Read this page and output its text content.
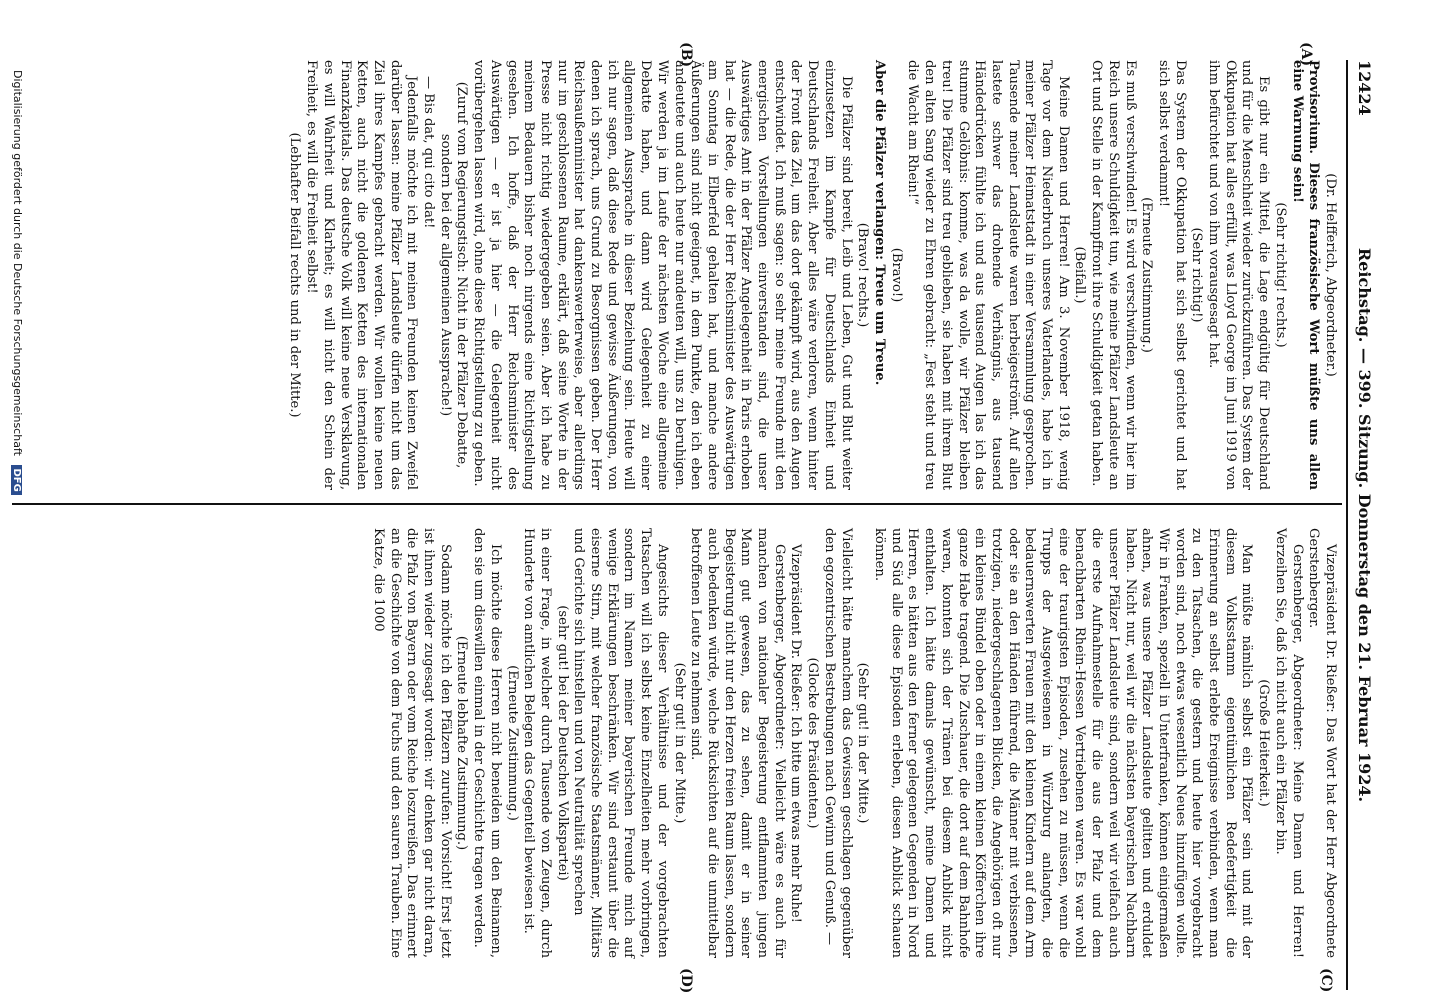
12424
Reichstag. — 399. Sitzung. Donnerstag den 21. Februar 1924.
(A)
(B)
(C)
(D)

(Dr. Helfferich, Abgeordneter.)

Provisorium. Dieses französische Wort müßte uns allen eine Warnung sein!

(Sehr richtig! rechts.)

Es gibt nur ein Mittel, die Lage endgültig für Deutschland und für die Menschheit wieder zurückzuführen. Das System der Okkupation hat alles erfüllt, was Lloyd George im Juni 1919 von ihm befürchtet und von ihm vorausgesagt hat.

(Sehr richtig!)

Das System der Okkupation hat sich selbst gerichtet und hat sich selbst verdammt!

(Erneute Zustimmung.)

Es muß verschwinden! Es wird verschwinden, wenn wir hier im Reich unsere Schuldigkeit tun, wie meine Pfälzer Landsleute an Ort und Stelle in der Kampffront ihre Schuldigkeit getan haben.

(Beifall.)

Meine Damen und Herren! Am 3. November 1918, wenig Tage vor dem Niederbruch unseres Vaterlandes, habe ich in meiner Pfälzer Heimatstadt in einer Versammlung gesprochen. Tausende meiner Landsleute waren herbeigeströmt. Auf allen lastete schwer das drohende Verhängnis, aus tausend Händedrücken fühlte ich und aus tausend Augen las ich das stumme Gelöbnis: komme, was da wolle, wir Pfälzer bleiben treu! Die Pfälzer sind treu geblieben, sie haben mit ihrem Blut den alten Sang wieder zu Ehren gebracht: „Fest steht und treu die Wacht am Rhein!“

(Bravo!)

Aber die Pfälzer verlangen: Treue um Treue.

(Bravo! rechts.)

Die Pfälzer sind bereit, Leib und Leben, Gut und Blut weiter einzusetzen im Kampfe für Deutschlands Einheit und Deutschlands Freiheit. Aber alles wäre verloren, wenn hinter der Front das Ziel, um das dort gekämpft wird, aus den Augen entschwindet. Ich muß sagen: so sehr meine Freunde mit den energischen Vorstellungen einverstanden sind, die unser Auswärtiges Amt in der Pfälzer Angelegenheit in Paris erhoben hat — die Rede, die der Herr Reichsminister des Auswärtigen am Sonntag in Elberfeld gehalten hat, und manche andere Äußerungen sind nicht geeignet, in dem Punkte, den ich eben andeutete und auch heute nur andeuten will, uns zu beruhigen. Wir werden ja im Laufe der nächsten Woche eine allgemeine Debatte haben, und dann wird Gelegenheit zu einer allgemeinen Aussprache in dieser Beziehung sein. Heute will ich nur sagen, daß diese Rede und gewisse Äußerungen, von denen ich sprach, uns Grund zu Besorgnissen geben. Der Herr Reichsaußenminister hat dankenswerterweise, aber allerdings nur im geschlossenen Raume, erklärt, daß seine Worte in der Presse nicht richtig wiedergegeben seien. Aber ich habe zu meinem Bedauern bisher noch nirgends eine Richtigstellung gesehen. Ich hoffe, daß der Herr Reichsminister des Auswärtigen — er ist ja hier — die Gelegenheit nicht vorübergehen lassen wird, ohne diese Richtigstellung zu geben.

(Zuruf vom Regierungstisch: Nicht in der Pfälzer Debatte, sondern bei der allgemeinen Aussprache!)

— Bis dat, qui cito dat!

Jedenfalls möchte ich mit meinen Freunden keinen Zweifel darüber lassen: meine Pfälzer Landsleute dürfen nicht um das Ziel ihres Kampfes gebracht werden. Wir wollen keine neuen Ketten, auch nicht die goldenen Ketten des internationalen Finanzkapitals. Das deutsche Volk will keine neue Versklavung, es will Wahrheit und Klarheit; es will nicht den Schein der Freiheit, es will die Freiheit selbst!

(Lebhafter Beifall rechts und in der Mitte.)

Vizepräsident Dr. Rießer: Das Wort hat der Herr Abgeordnete Gerstenberger.

Gerstenberger, Abgeordneter: Meine Damen und Herren! Verzeihen Sie, daß ich nicht auch ein Pfälzer bin.

(Große Heiterkeit.)

Man müßte nämlich selbst ein Pfälzer sein und mit der diesem Volksstamm eigentümlichen Redefertigkeit die Erinnerung an selbst erlebte Ereignisse verbinden, wenn man zu den Tatsachen, die gestern und heute hier vorgebracht worden sind, noch etwas wesentlich Neues hinzufügen wollte. Wir in Franken, speziell in Unterfranken, können einigermaßen ahnen, was unsere Pfälzer Landsleute gelitten und erduldet haben. Nicht nur, weil wir die nächsten bayerischen Nachbarn unserer Pfälzer Landsleute sind, sondern weil wir vielfach auch die erste Aufnahmestelle für die aus der Pfalz und dem benachbarten Rhein-Hessen Vertriebenen waren. Es war wohl eine der traurigsten Episoden, zusehen zu müssen, wenn die Trupps der Ausgewiesenen in Würzburg anlangten, die bedauernswerten Frauen mit den kleinen Kindern auf dem Arm oder sie an den Händen führend, die Männer mit verbissenen, trotzigen, niedergeschlagenen Blicken, die Angehörigen oft nur ein kleines Bündel oben oder in einem kleinen Köfferchen ihre ganze Habe tragend. Die Zuschauer, die dort auf dem Bahnhofe waren, konnten sich der Tränen bei diesem Anblick nicht enthalten. Ich hätte damals gewünscht, meine Damen und Herren, es hätten aus den ferner gelegenen Gegenden in Nord und Süd alle diese Episoden erleben, diesen Anblick schauen können.

(Sehr gut! in der Mitte.)

Vielleicht hätte manchem das Gewissen geschlagen gegenüber den egozentrischen Bestrebungen nach Gewinn und Genuß. —

(Glocke des Präsidenten.)

Vizepräsident Dr. Rießer: Ich bitte um etwas mehr Ruhe!

Gerstenberger, Abgeordneter: Vielleicht wäre es auch für manchen von nationaler Begeisterung entflammten jungen Mann gut gewesen, das zu sehen, damit er in seiner Begeisterung nicht nur den Herzen freien Raum lassen, sondern auch bedenken würde, welche Rücksichten auf die unmittelbar betroffenen Leute zu nehmen sind.

(Sehr gut! in der Mitte.)

Angesichts dieser Verhältnisse und der vorgebrachten Tatsachen will ich selbst keine Einzelheiten mehr vorbringen, sondern im Namen meiner bayerischen Freunde mich auf wenige Erklärungen beschränken. Wir sind erstaunt über die eiserne Stirn, mit welcher französische Staatsmänner, Militärs und Gerichte sich hinstellen und von Neutralität sprechen

(sehr gut! bei der Deutschen Volkspartei)

in einer Frage, in welcher durch Tausende von Zeugen, durch Hunderte von amtlichen Belegen das Gegenteil bewiesen ist.

(Erneute Zustimmung.)

Ich möchte diese Herren nicht beneiden um den Beinamen, den sie um dieswillen einmal in der Geschichte tragen werden.

(Erneute lebhafte Zustimmung.)

Sodann möchte ich den Pfälzern zurufen: Vorsicht! Erst jetzt ist ihnen wieder zugesagt worden: wir denken gar nicht daran, die Pfalz von Bayern oder vom Reiche loszureißen. Das erinnert an die Geschichte von dem Fuchs und den sauren Trauben. Eine Katze, die 1000

Digitalisierung gefördert durch die Deutsche Forschungsgemeinschaft DFG
